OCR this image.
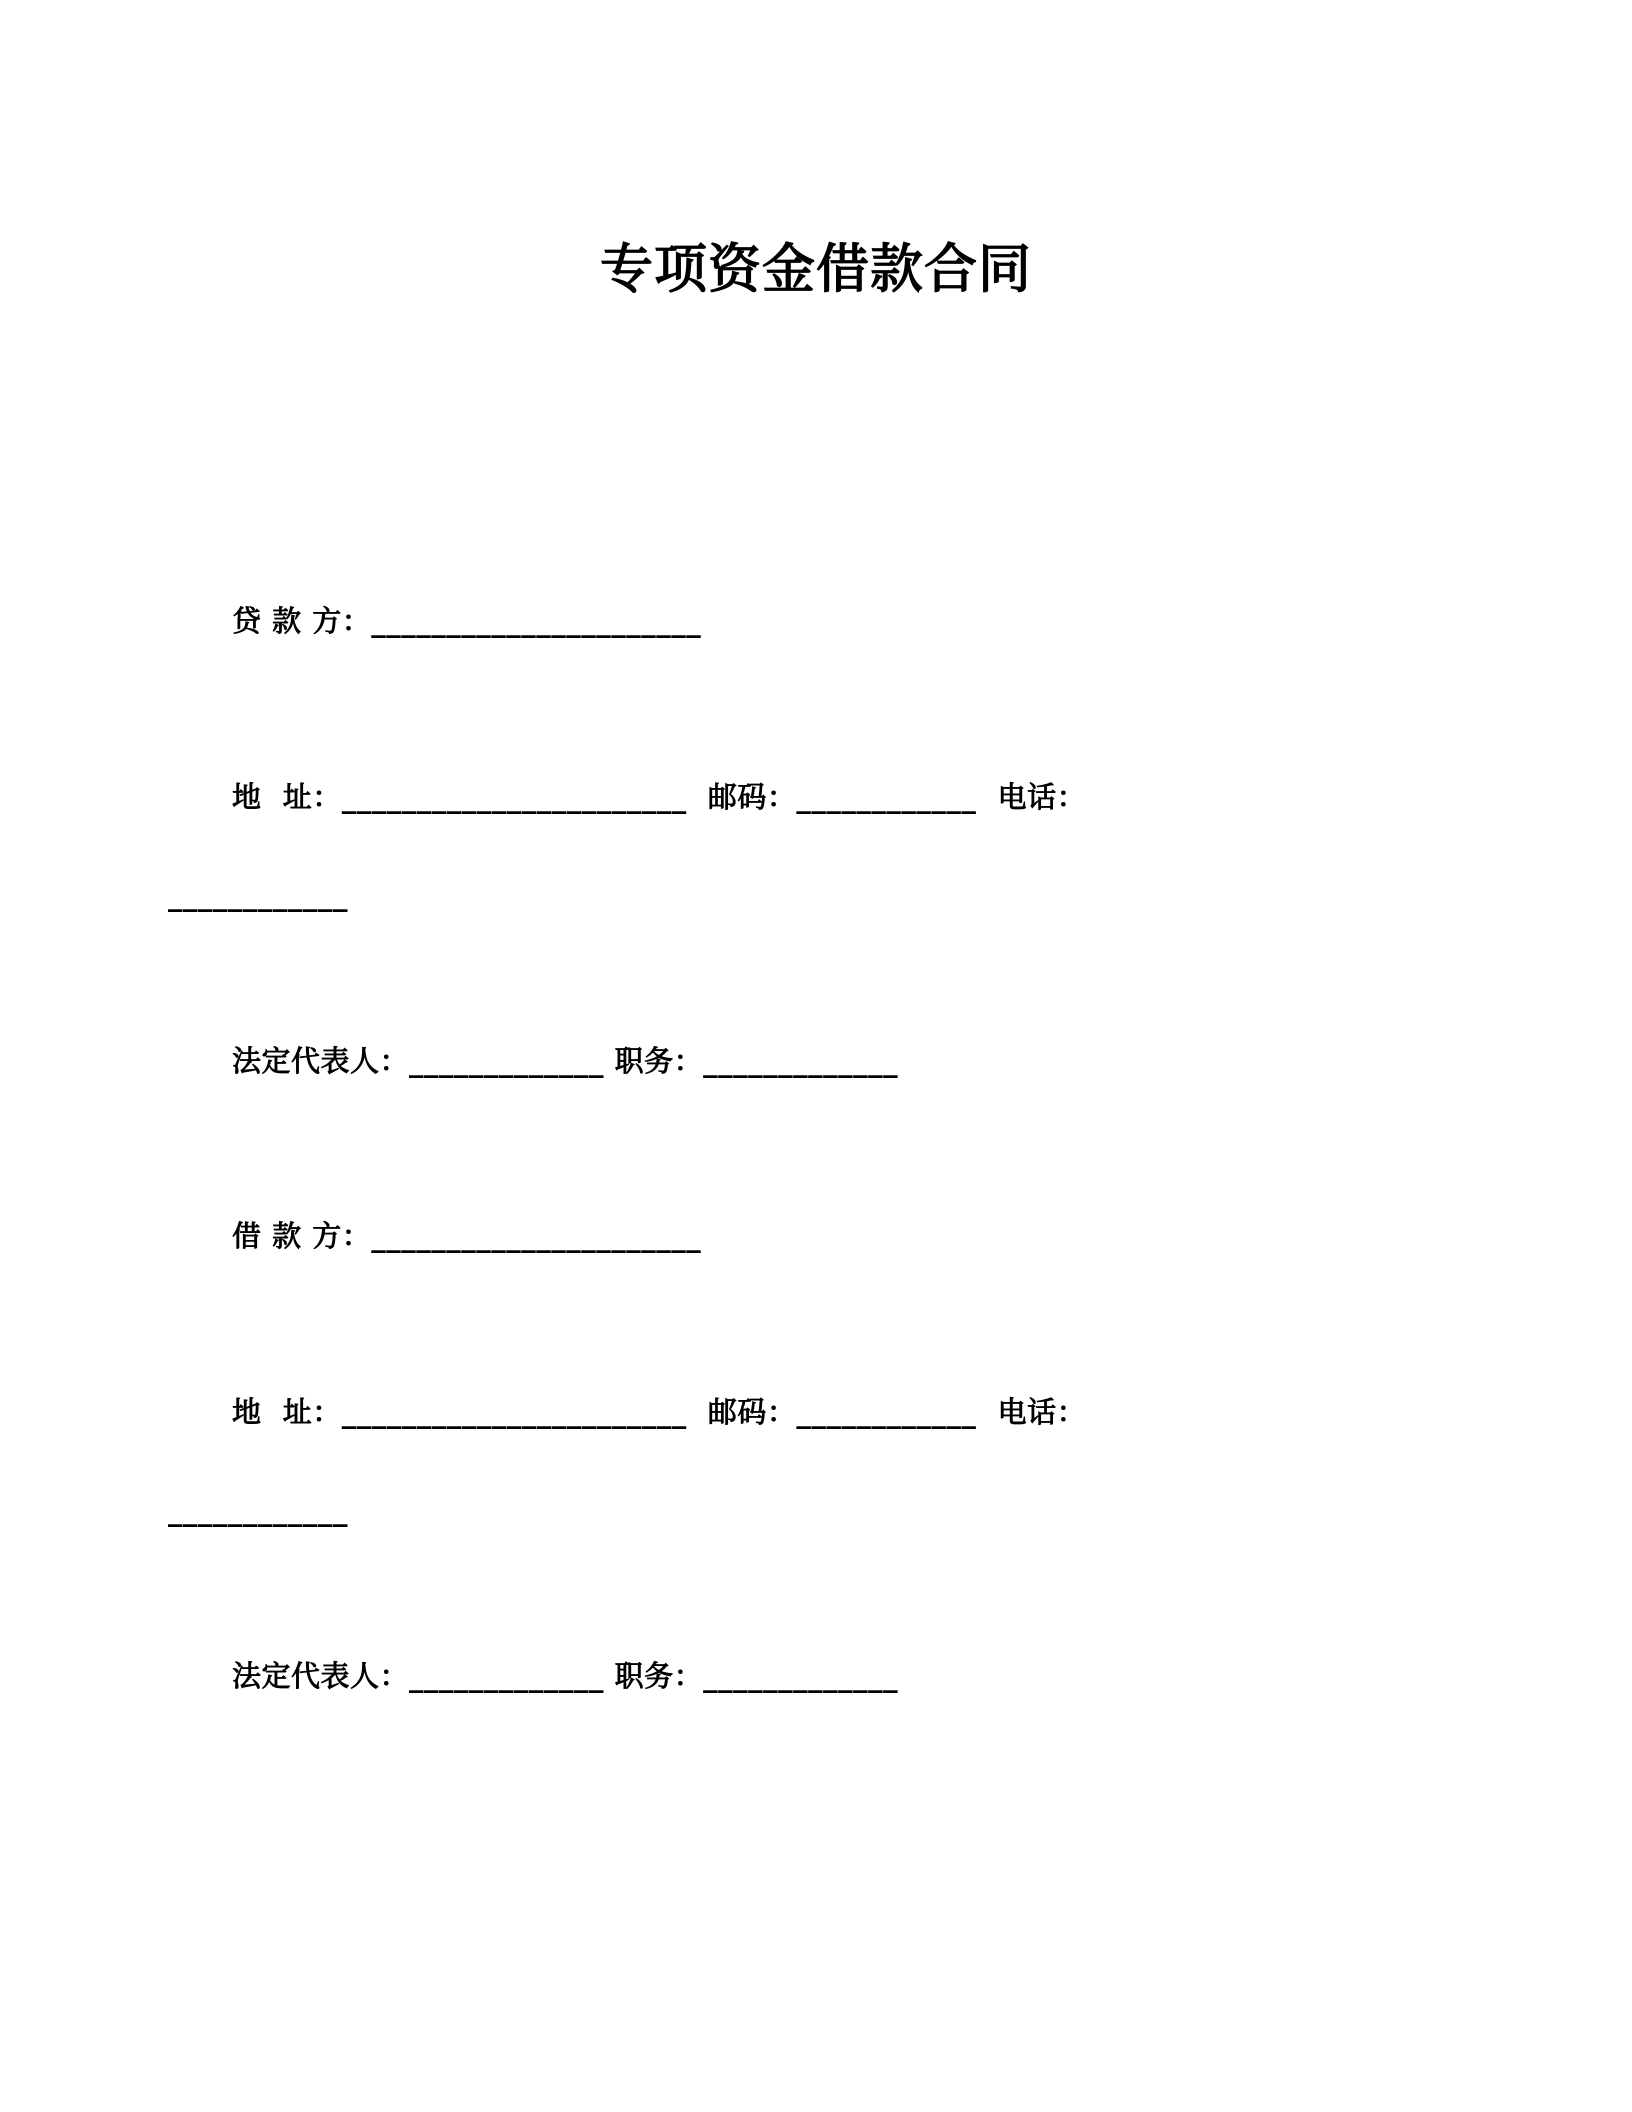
专项资金借款合同
贷 款 方：______________________
地  址：_______________________  邮码：____________  电话：
____________
法定代表人：_____________ 职务：_____________
借 款 方：______________________
地  址：_______________________  邮码：____________  电话：
____________
法定代表人：_____________ 职务：_____________
